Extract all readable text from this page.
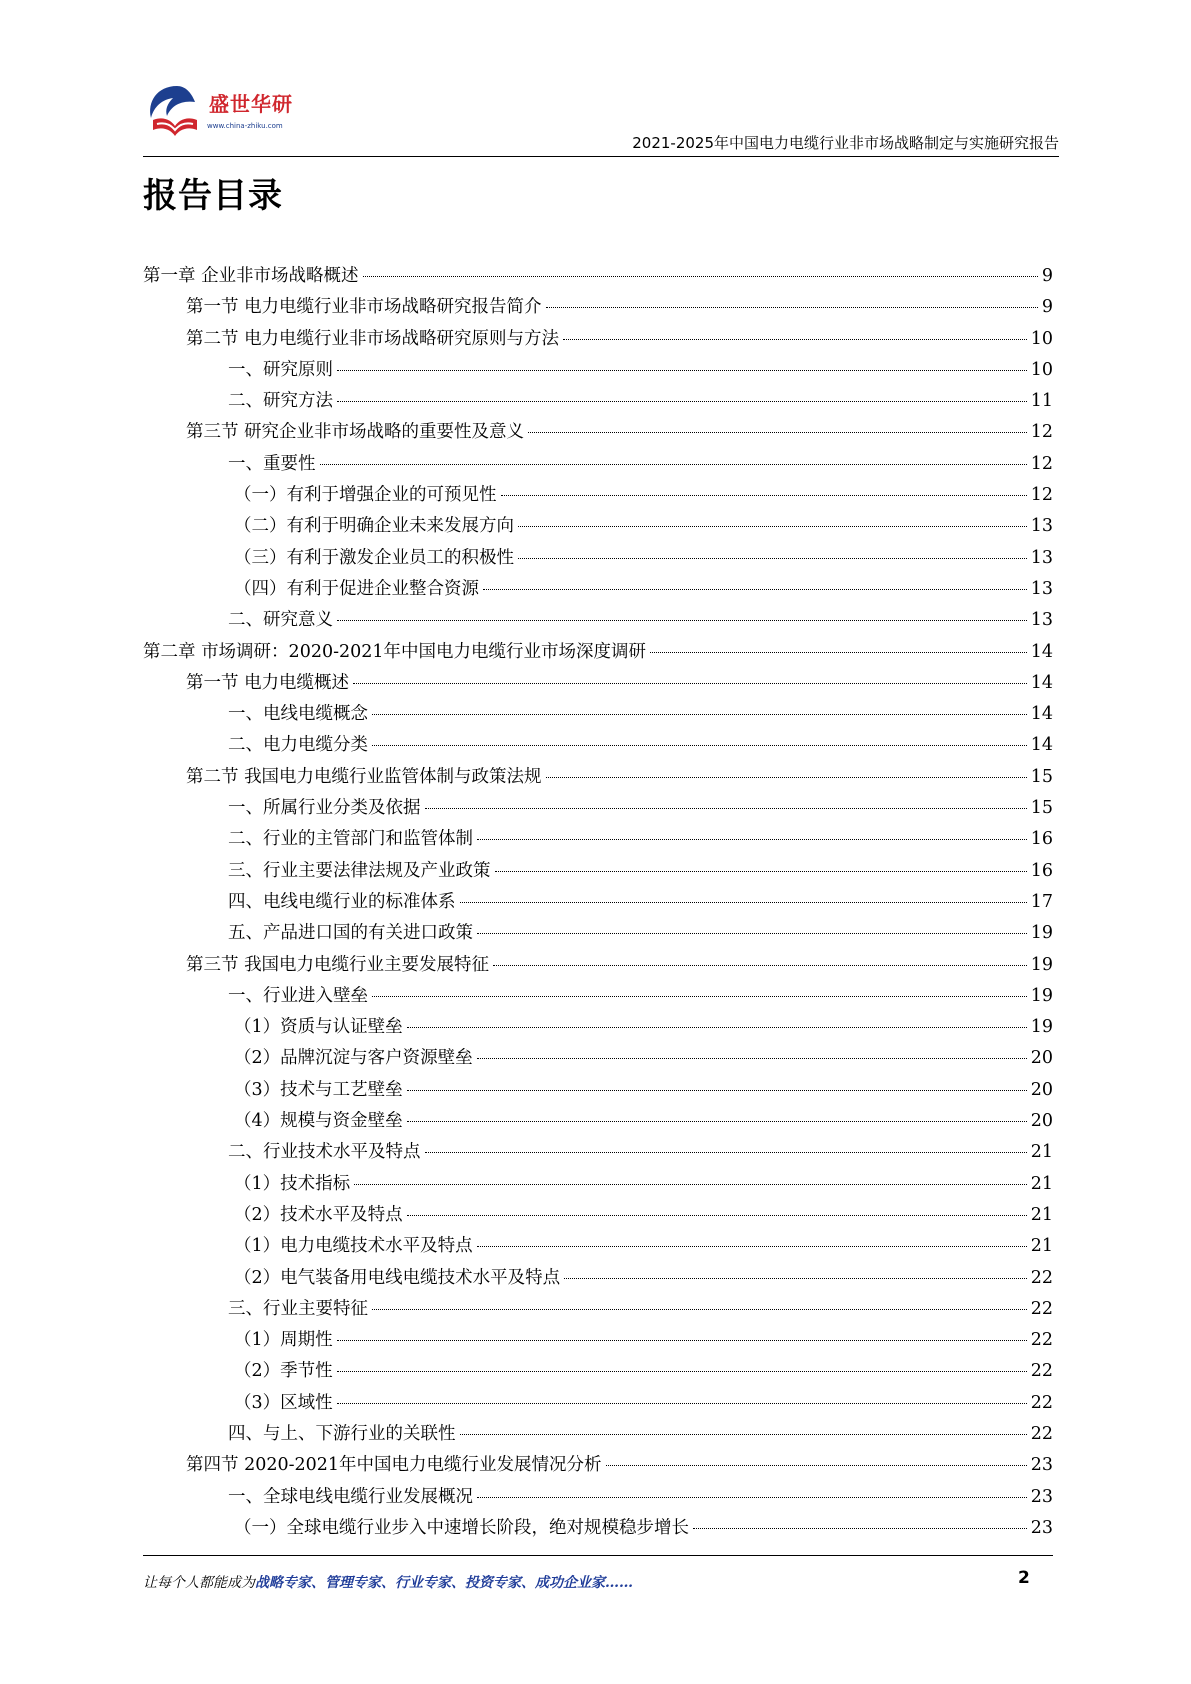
盛世华研
www.china-zhiku.com
2021-2025年中国电力电缆行业非市场战略制定与实施研究报告
报告目录
第一章 企业非市场战略概述	9
第一节 电力电缆行业非市场战略研究报告简介	9
第二节 电力电缆行业非市场战略研究原则与方法	10
一、研究原则	10
二、研究方法	11
第三节 研究企业非市场战略的重要性及意义	12
一、重要性	12
（一）有利于增强企业的可预见性	12
（二）有利于明确企业未来发展方向	13
（三）有利于激发企业员工的积极性	13
（四）有利于促进企业整合资源	13
二、研究意义	13
第二章 市场调研：2020-2021年中国电力电缆行业市场深度调研	14
第一节 电力电缆概述	14
一、电线电缆概念	14
二、电力电缆分类	14
第二节 我国电力电缆行业监管体制与政策法规	15
一、所属行业分类及依据	15
二、行业的主管部门和监管体制	16
三、行业主要法律法规及产业政策	16
四、电线电缆行业的标准体系	17
五、产品进口国的有关进口政策	19
第三节 我国电力电缆行业主要发展特征	19
一、行业进入壁垒	19
（1）资质与认证壁垒	19
（2）品牌沉淀与客户资源壁垒	20
（3）技术与工艺壁垒	20
（4）规模与资金壁垒	20
二、行业技术水平及特点	21
（1）技术指标	21
（2）技术水平及特点	21
（1）电力电缆技术水平及特点	21
（2）电气装备用电线电缆技术水平及特点	22
三、行业主要特征	22
（1）周期性	22
（2）季节性	22
（3）区域性	22
四、与上、下游行业的关联性	22
第四节 2020-2021年中国电力电缆行业发展情况分析	23
一、全球电线电缆行业发展概况	23
（一）全球电缆行业步入中速增长阶段，绝对规模稳步增长	23
让每个人都能成为战略专家、管理专家、行业专家、投资专家、成功企业家……	2
